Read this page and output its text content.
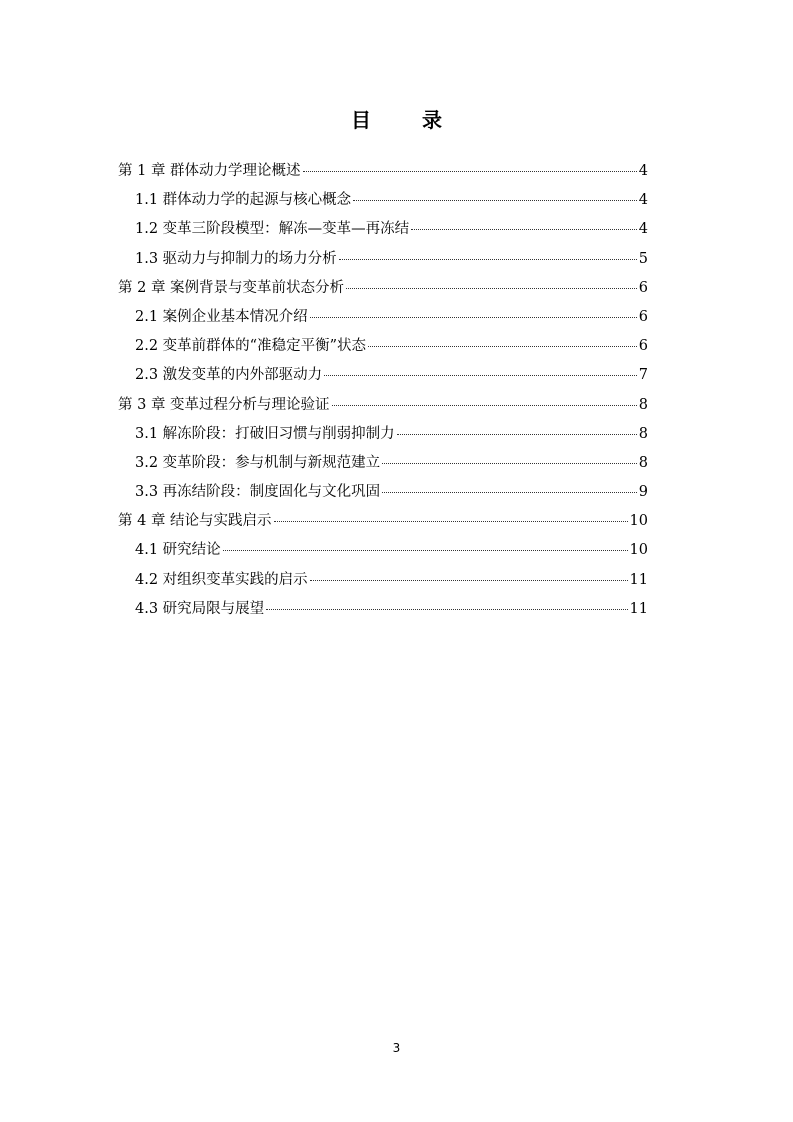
目 录
第 1 章 群体动力学理论概述	4
1.1 群体动力学的起源与核心概念	4
1.2 变革三阶段模型：解冻—变革—再冻结	4
1.3 驱动力与抑制力的场力分析	5
第 2 章 案例背景与变革前状态分析	6
2.1 案例企业基本情况介绍	6
2.2 变革前群体的“准稳定平衡”状态	6
2.3 激发变革的内外部驱动力	7
第 3 章 变革过程分析与理论验证	8
3.1 解冻阶段：打破旧习惯与削弱抑制力	8
3.2 变革阶段：参与机制与新规范建立	8
3.3 再冻结阶段：制度固化与文化巩固	9
第 4 章 结论与实践启示	10
4.1 研究结论	10
4.2 对组织变革实践的启示	11
4.3 研究局限与展望	11
3
